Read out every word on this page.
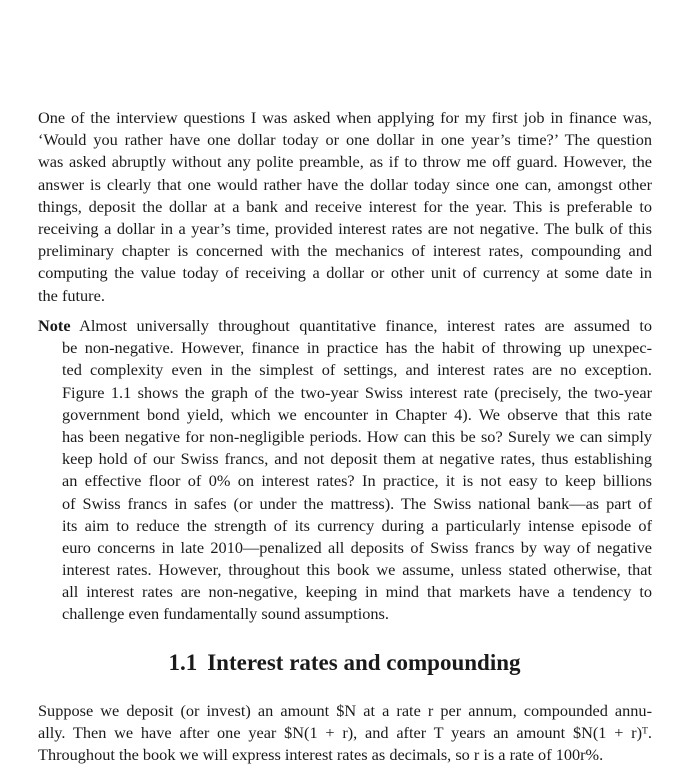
One of the interview questions I was asked when applying for my first job in finance was,
‘Would you rather have one dollar today or one dollar in one year’s time?’ The question
was asked abruptly without any polite preamble, as if to throw me off guard. However, the
answer is clearly that one would rather have the dollar today since one can, amongst other
things, deposit the dollar at a bank and receive interest for the year. This is preferable to
receiving a dollar in a year’s time, provided interest rates are not negative. The bulk of this
preliminary chapter is concerned with the mechanics of interest rates, compounding and
computing the value today of receiving a dollar or other unit of currency at some date in
the future.
Note Almost universally throughout quantitative finance, interest rates are assumed to
be non-negative. However, finance in practice has the habit of throwing up unexpec-
ted complexity even in the simplest of settings, and interest rates are no exception.
Figure 1.1 shows the graph of the two-year Swiss interest rate (precisely, the two-year
government bond yield, which we encounter in Chapter 4). We observe that this rate
has been negative for non-negligible periods. How can this be so? Surely we can simply
keep hold of our Swiss francs, and not deposit them at negative rates, thus establishing
an effective floor of 0% on interest rates? In practice, it is not easy to keep billions
of Swiss francs in safes (or under the mattress). The Swiss national bank—as part of
its aim to reduce the strength of its currency during a particularly intense episode of
euro concerns in late 2010—penalized all deposits of Swiss francs by way of negative
interest rates. However, throughout this book we assume, unless stated otherwise, that
all interest rates are non-negative, keeping in mind that markets have a tendency to
challenge even fundamentally sound assumptions.
1.1 Interest rates and compounding
Suppose we deposit (or invest) an amount $N at a rate r per annum, compounded annu-
ally. Then we have after one year $N(1 + r), and after T years an amount $N(1 + r)ᵀ.
Throughout the book we will express interest rates as decimals, so r is a rate of 100r%.
